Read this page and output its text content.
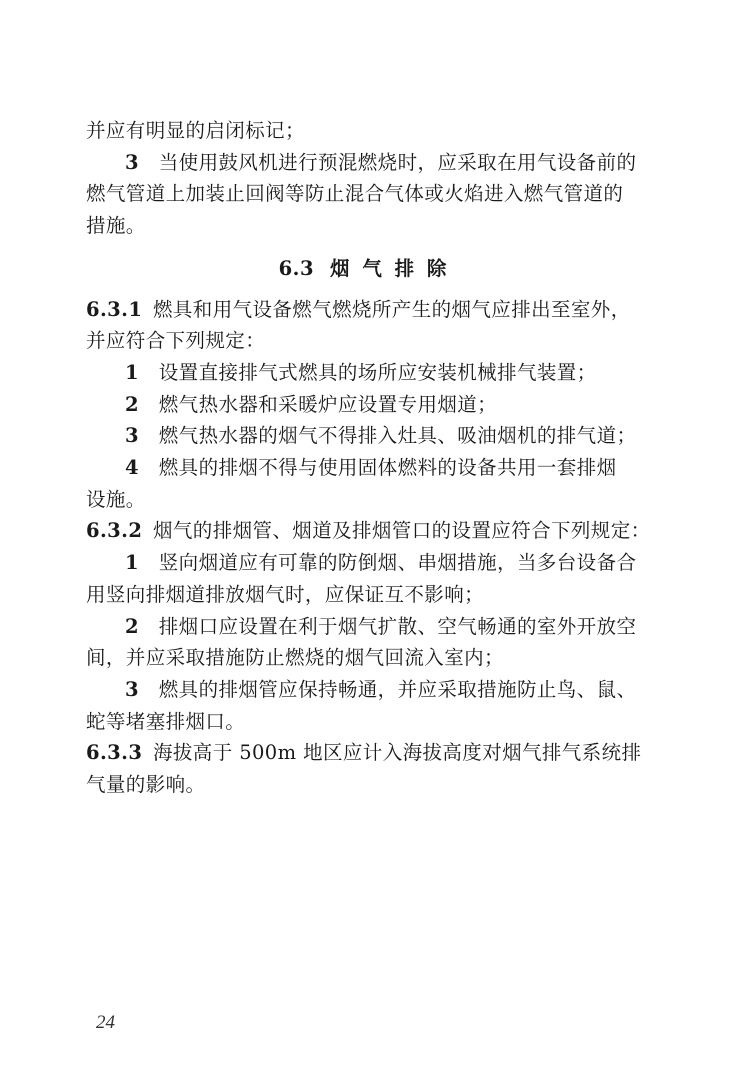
并应有明显的启闭标记；
3 当使用鼓风机进行预混燃烧时，应采取在用气设备前的
燃气管道上加装止回阀等防止混合气体或火焰进入燃气管道的
措施。
6.3 烟 气 排 除
6.3.1 燃具和用气设备燃气燃烧所产生的烟气应排出至室外，
并应符合下列规定：
1 设置直接排气式燃具的场所应安装机械排气装置；
2 燃气热水器和采暖炉应设置专用烟道；
3 燃气热水器的烟气不得排入灶具、吸油烟机的排气道；
4 燃具的排烟不得与使用固体燃料的设备共用一套排烟
设施。
6.3.2 烟气的排烟管、烟道及排烟管口的设置应符合下列规定：
1 竖向烟道应有可靠的防倒烟、串烟措施，当多台设备合
用竖向排烟道排放烟气时，应保证互不影响；
2 排烟口应设置在利于烟气扩散、空气畅通的室外开放空
间，并应采取措施防止燃烧的烟气回流入室内；
3 燃具的排烟管应保持畅通，并应采取措施防止鸟、鼠、
蛇等堵塞排烟口。
6.3.3 海拔高于 500m 地区应计入海拔高度对烟气排气系统排
气量的影响。
24
